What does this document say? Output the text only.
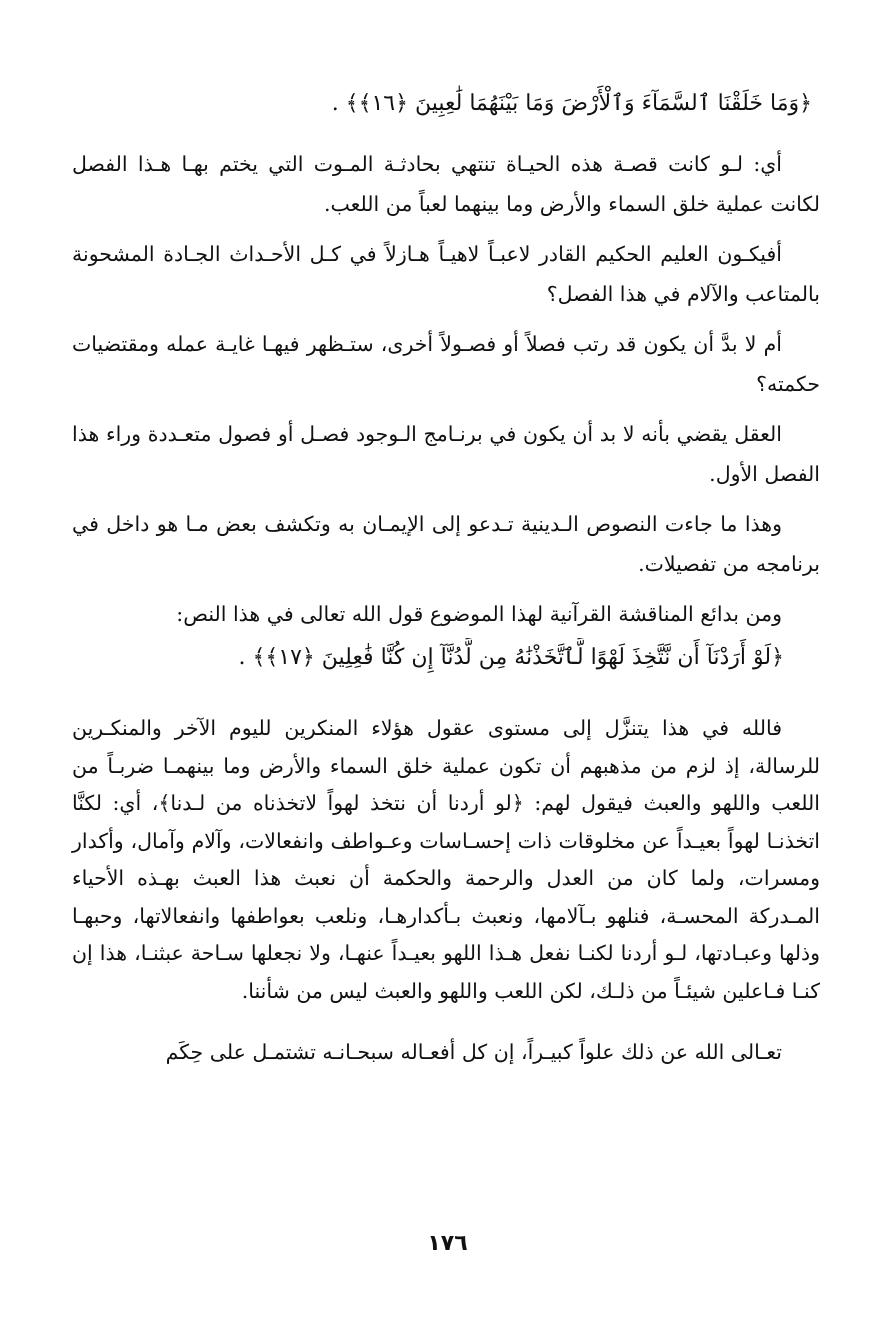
﴿وَمَا خَلَقْنَا ٱلسَّمَآءَ وَٱلْأَرْضَ وَمَا بَيْنَهُمَا لَٰعِبِينَ ﴿١٦﴾﴾ .

أي: لـو كانت قصـة هذه الحيـاة تنتهي بحادثـة المـوت التي يختم بهـا هـذا الفصل لكانت عملية خلق السماء والأرض وما بينهما لعباً من اللعب.

أفيكـون العليم الحكيم القادر لاعبـاً لاهيـاً هـازلاً في كـل الأحـداث الجـادة المشحونة بالمتاعب والآلام في هذا الفصل؟

أم لا بدَّ أن يكون قد رتب فصلاً أو فصـولاً أخرى، ستـظهر فيهـا غايـة عمله ومقتضيات حكمته؟

العقل يقضي بأنه لا بد أن يكون في برنـامج الـوجود فصـل أو فصول متعـددة وراء هذا الفصل الأول.

وهذا ما جاءت النصوص الـدينية تـدعو إلى الإيمـان به وتكشف بعض مـا هو داخل في برنامجه من تفصيلات.

ومن بدائع المناقشة القرآنية لهذا الموضوع قول الله تعالى في هذا النص:

﴿لَوْ أَرَدْنَآ أَن نَّتَّخِذَ لَهْوًا لَّٱتَّخَذْنَٰهُ مِن لَّدُنَّآ إِن كُنَّا فَٰعِلِينَ ﴿١٧﴾﴾ .

فالله في هذا يتنزَّل إلى مستوى عقول هؤلاء المنكرين لليوم الآخر والمنكـرين للرسالة، إذ لزم من مذهبهم أن تكون عملية خلق السماء والأرض وما بينهمـا ضربـاً من اللعب واللهو والعبث فيقول لهم: ﴿لو أردنا أن نتخذ لهواً لاتخذناه من لـدنا﴾، أي: لكنَّا اتخذنـا لهواً بعيـداً عن مخلوقات ذات إحسـاسات وعـواطف وانفعالات، وآلام وآمال، وأكدار ومسرات، ولما كان من العدل والرحمة والحكمة أن نعبث هذا العبث بهـذه الأحياء المـدركة المحسـة، فنلهو بـآلامها، ونعبث بـأكدارهـا، ونلعب بعواطفها وانفعالاتها، وحبهـا وذلها وعبـادتها، لـو أردنا لكنـا نفعل هـذا اللهو بعيـداً عنهـا، ولا نجعلها سـاحة عبثنـا، هذا إن كنـا فـاعلين شيئـاً من ذلـك، لكن اللعب واللهو والعبث ليس من شأننا.

تعـالى الله عن ذلك علواً كبيـراً، إن كل أفعـاله سبحـانـه تشتمـل على حِكَم

١٧٦
